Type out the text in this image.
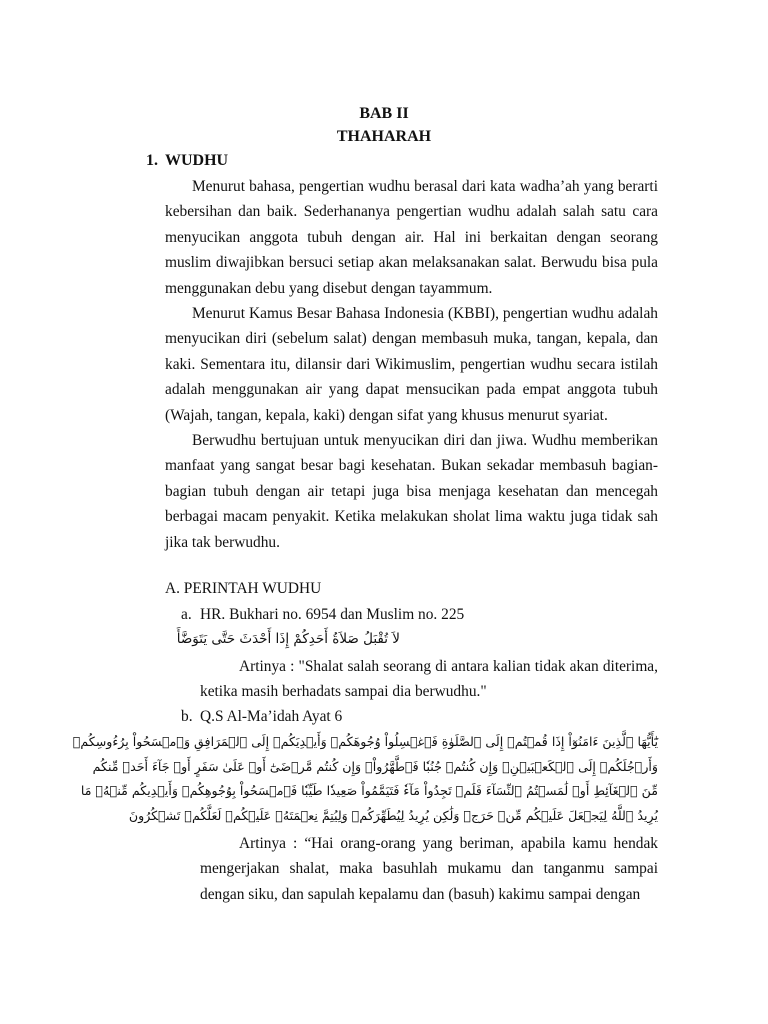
BAB II
THAHARAH
1. WUDHU

Menurut bahasa, pengertian wudhu berasal dari kata wadha’ah yang berarti kebersihan dan baik. Sederhananya pengertian wudhu adalah salah satu cara menyucikan anggota tubuh dengan air. Hal ini berkaitan dengan seorang muslim diwajibkan bersuci setiap akan melaksanakan salat. Berwudu bisa pula menggunakan debu yang disebut dengan tayammum.

Menurut Kamus Besar Bahasa Indonesia (KBBI), pengertian wudhu adalah menyucikan diri (sebelum salat) dengan membasuh muka, tangan, kepala, dan kaki. Sementara itu, dilansir dari Wikimuslim, pengertian wudhu secara istilah adalah menggunakan air yang dapat mensucikan pada empat anggota tubuh (Wajah, tangan, kepala, kaki) dengan sifat yang khusus menurut syariat.

Berwudhu bertujuan untuk menyucikan diri dan jiwa. Wudhu memberikan manfaat yang sangat besar bagi kesehatan. Bukan sekadar membasuh bagian-bagian tubuh dengan air tetapi juga bisa menjaga kesehatan dan mencegah berbagai macam penyakit. Ketika melakukan sholat lima waktu juga tidak sah jika tak berwudhu.

A. PERINTAH WUDHU
a. HR. Bukhari no. 6954 dan Muslim no. 225
لاَ تُقْبَلُ صَلاَةُ أَحَدِكُمْ إِذَا أَحْدَثَ حَتَّى يَتَوَضَّأَ

Artinya : "Shalat salah seorang di antara kalian tidak akan diterima, ketika masih berhadats sampai dia berwudhu."

b. Q.S Al-Ma’idah Ayat 6
يَٰٓأَيُّهَا ٱلَّذِينَ ءَامَنُوٓاْ إِذَا قُمۡتُمۡ إِلَى ٱلصَّلَوٰةِ فَٱغۡسِلُواْ وُجُوهَكُمۡ وَأَيۡدِيَكُمۡ إِلَى ٱلۡمَرَافِقِ وَٱمۡسَحُواْ بِرُءُوسِكُمۡ
وَأَرۡجُلَكُمۡ إِلَى ٱلۡكَعۡبَيۡنِۚ وَإِن كُنتُمۡ جُنُبٗا فَٱطَّهَّرُواْۚ وَإِن كُنتُم مَّرۡضَىٰٓ أَوۡ عَلَىٰ سَفَرٍ أَوۡ جَآءَ أَحَدٞ مِّنكُم
مِّنَ ٱلۡغَآئِطِ أَوۡ لَٰمَسۡتُمُ ٱلنِّسَآءَ فَلَمۡ تَجِدُواْ مَآءٗ فَتَيَمَّمُواْ صَعِيدٗا طَيِّبٗا فَٱمۡسَحُواْ بِوُجُوهِكُمۡ وَأَيۡدِيكُم مِّنۡهُۚ مَا
يُرِيدُ ٱللَّهُ لِيَجۡعَلَ عَلَيۡكُم مِّنۡ حَرَجٖ وَلَٰكِن يُرِيدُ لِيُطَهِّرَكُمۡ وَلِيُتِمَّ نِعۡمَتَهُۥ عَلَيۡكُمۡ لَعَلَّكُمۡ تَشۡكُرُونَ

Artinya : “Hai orang-orang yang beriman, apabila kamu hendak mengerjakan shalat, maka basuhlah mukamu dan tanganmu sampai dengan siku, dan sapulah kepalamu dan (basuh) kakimu sampai dengan
